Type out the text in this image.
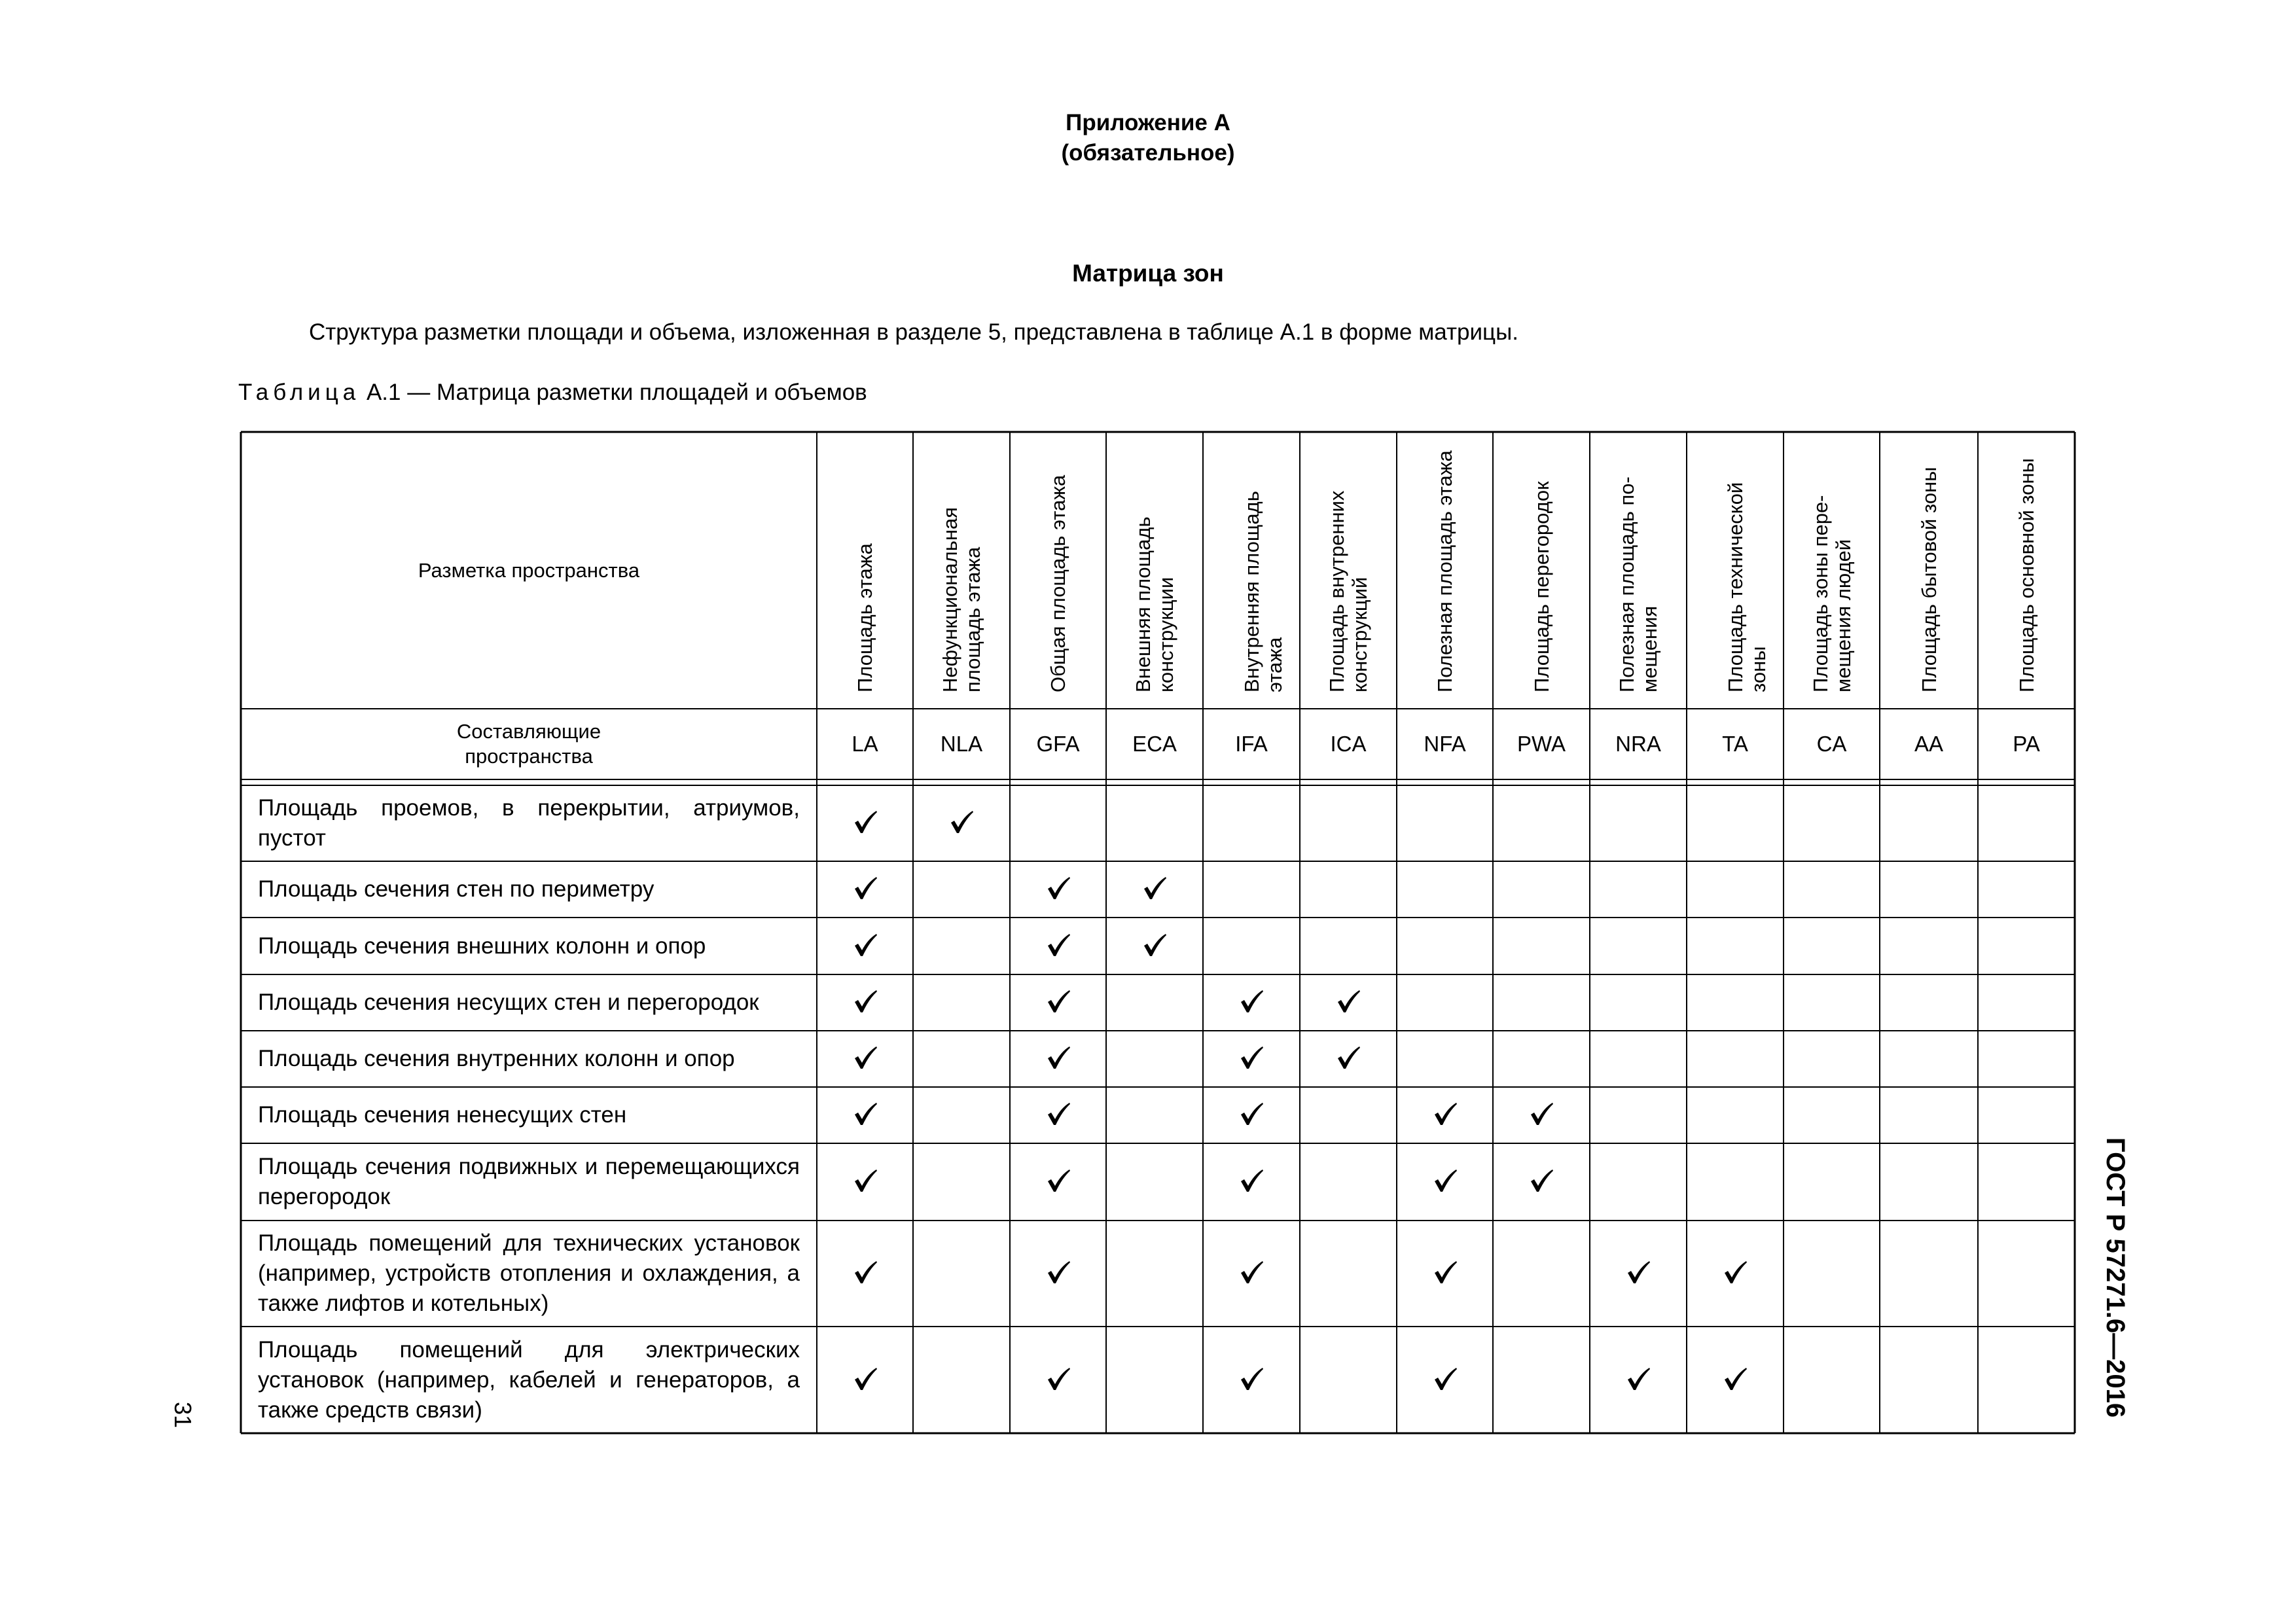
Приложение А
(обязательное)
Матрица зон
Структура разметки площади и объема, изложенная в разделе 5, представлена в таблице А.1 в форме матрицы.
Таблица А.1 — Матрица разметки площадей и объемов
Разметка пространства
Составляющие пространства
Площадь этажа
LA
Нефункциональная площадь этажа
NLA
Общая площадь этажа
GFA
Внешняя площадь конструкции
ECA
Внутренняя площадь этажа
IFA
Площадь внутренних конструкций
ICA
Полезная площадь этажа
NFA
Площадь перегородок
PWA
Полезная площадь по-мещения
NRA
Площадь технической зоны
TA
Площадь зоны пере-мещения людей
CA
Площадь бытовой зоны
AA
Площадь основной зоны
PA
Площадь проемов, в перекрытии, атриумов, пустот
Площадь сечения стен по периметру
Площадь сечения внешних колонн и опор
Площадь сечения несущих стен и перегородок
Площадь сечения внутренних колонн и опор
Площадь сечения ненесущих стен
Площадь сечения подвижных и перемещающихся перегородок
Площадь помещений для технических установок (например, устройств отопления и охлаждения, а также лифтов и котельных)
Площадь помещений для электрических установок (например, кабелей и генераторов, а также средств связи)	ГОСТ Р 57271.6—2016
31
